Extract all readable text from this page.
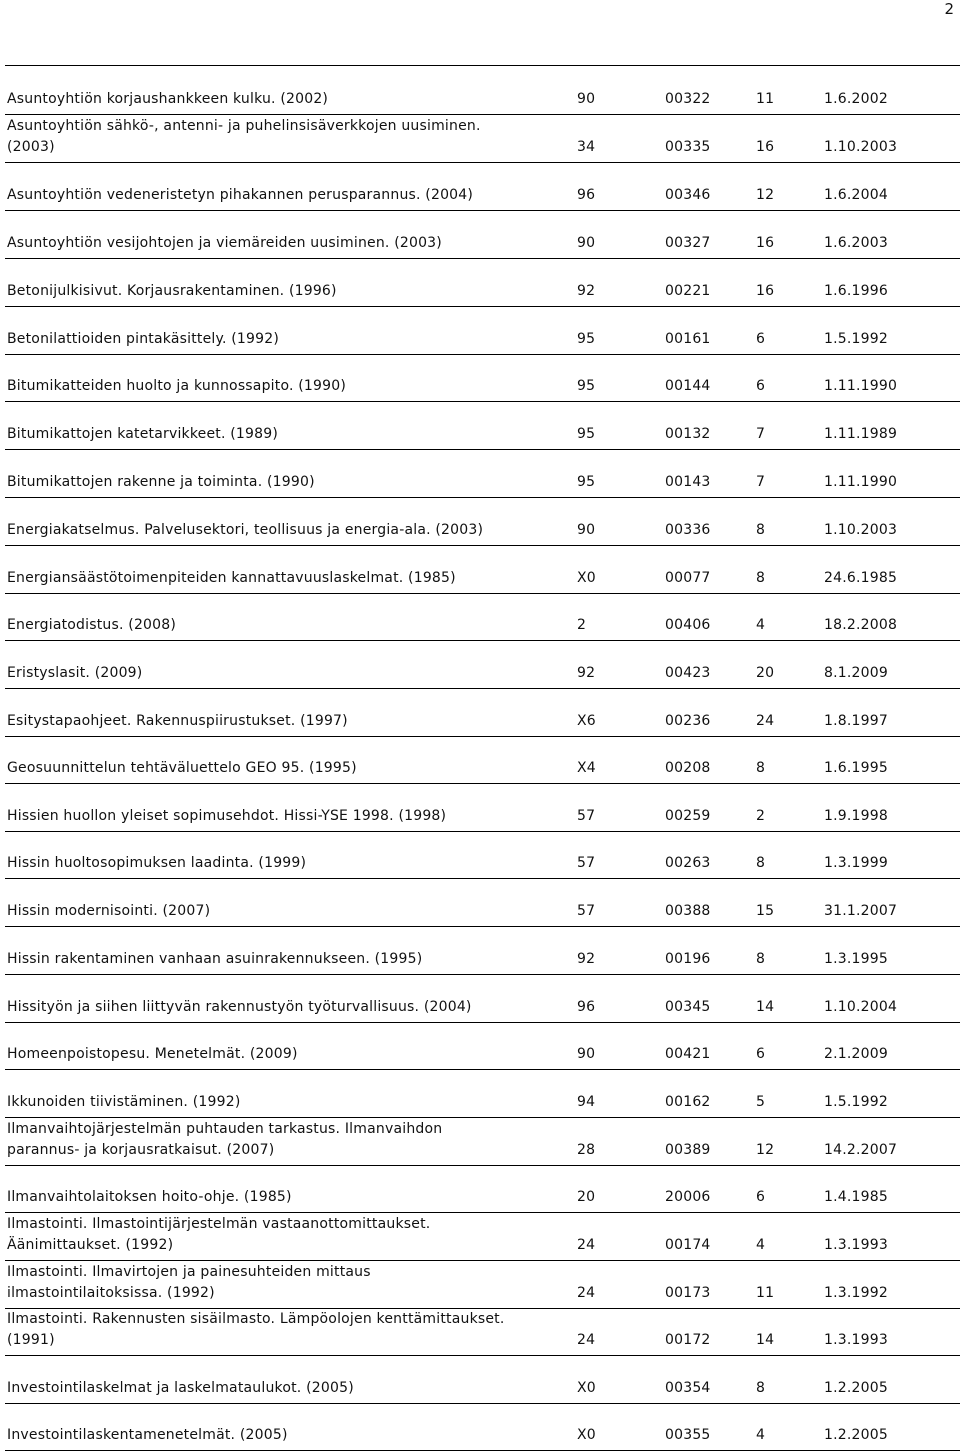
2
Asuntoyhtiön korjaushankkeen kulku. (2002)	90	00322	11	1.6.2002
Asuntoyhtiön sähkö-, antenni- ja puhelinsisäverkkojen uusiminen.
(2003)	34	00335	16	1.10.2003
Asuntoyhtiön vedeneristetyn pihakannen perusparannus. (2004)	96	00346	12	1.6.2004
Asuntoyhtiön vesijohtojen ja viemäreiden uusiminen. (2003)	90	00327	16	1.6.2003
Betonijulkisivut. Korjausrakentaminen. (1996)	92	00221	16	1.6.1996
Betonilattioiden pintakäsittely. (1992)	95	00161	6	1.5.1992
Bitumikatteiden huolto ja kunnossapito. (1990)	95	00144	6	1.11.1990
Bitumikattojen katetarvikkeet. (1989)	95	00132	7	1.11.1989
Bitumikattojen rakenne ja toiminta. (1990)	95	00143	7	1.11.1990
Energiakatselmus. Palvelusektori, teollisuus ja energia-ala. (2003)	90	00336	8	1.10.2003
Energiansäästötoimenpiteiden kannattavuuslaskelmat. (1985)	X0	00077	8	24.6.1985
Energiatodistus. (2008)	2	00406	4	18.2.2008
Eristyslasit. (2009)	92	00423	20	8.1.2009
Esitystapaohjeet. Rakennuspiirustukset. (1997)	X6	00236	24	1.8.1997
Geosuunnittelun tehtäväluettelo GEO 95. (1995)	X4	00208	8	1.6.1995
Hissien huollon yleiset sopimusehdot. Hissi-YSE 1998. (1998)	57	00259	2	1.9.1998
Hissin huoltosopimuksen laadinta. (1999)	57	00263	8	1.3.1999
Hissin modernisointi. (2007)	57	00388	15	31.1.2007
Hissin rakentaminen vanhaan asuinrakennukseen. (1995)	92	00196	8	1.3.1995
Hissityön ja siihen liittyvän rakennustyön työturvallisuus. (2004)	96	00345	14	1.10.2004
Homeenpoistopesu. Menetelmät. (2009)	90	00421	6	2.1.2009
Ikkunoiden tiivistäminen. (1992)	94	00162	5	1.5.1992
Ilmanvaihtojärjestelmän puhtauden tarkastus. Ilmanvaihdon
parannus- ja korjausratkaisut. (2007)	28	00389	12	14.2.2007
Ilmanvaihtolaitoksen hoito-ohje. (1985)	20	20006	6	1.4.1985
Ilmastointi. Ilmastointijärjestelmän vastaanottomittaukset.
Äänimittaukset. (1992)	24	00174	4	1.3.1993
Ilmastointi. Ilmavirtojen ja painesuhteiden mittaus
ilmastointilaitoksissa. (1992)	24	00173	11	1.3.1992
Ilmastointi. Rakennusten sisäilmasto. Lämpöolojen kenttämittaukset.
(1991)	24	00172	14	1.3.1993
Investointilaskelmat ja laskelmataulukot. (2005)	X0	00354	8	1.2.2005
Investointilaskentamenetelmät. (2005)	X0	00355	4	1.2.2005
